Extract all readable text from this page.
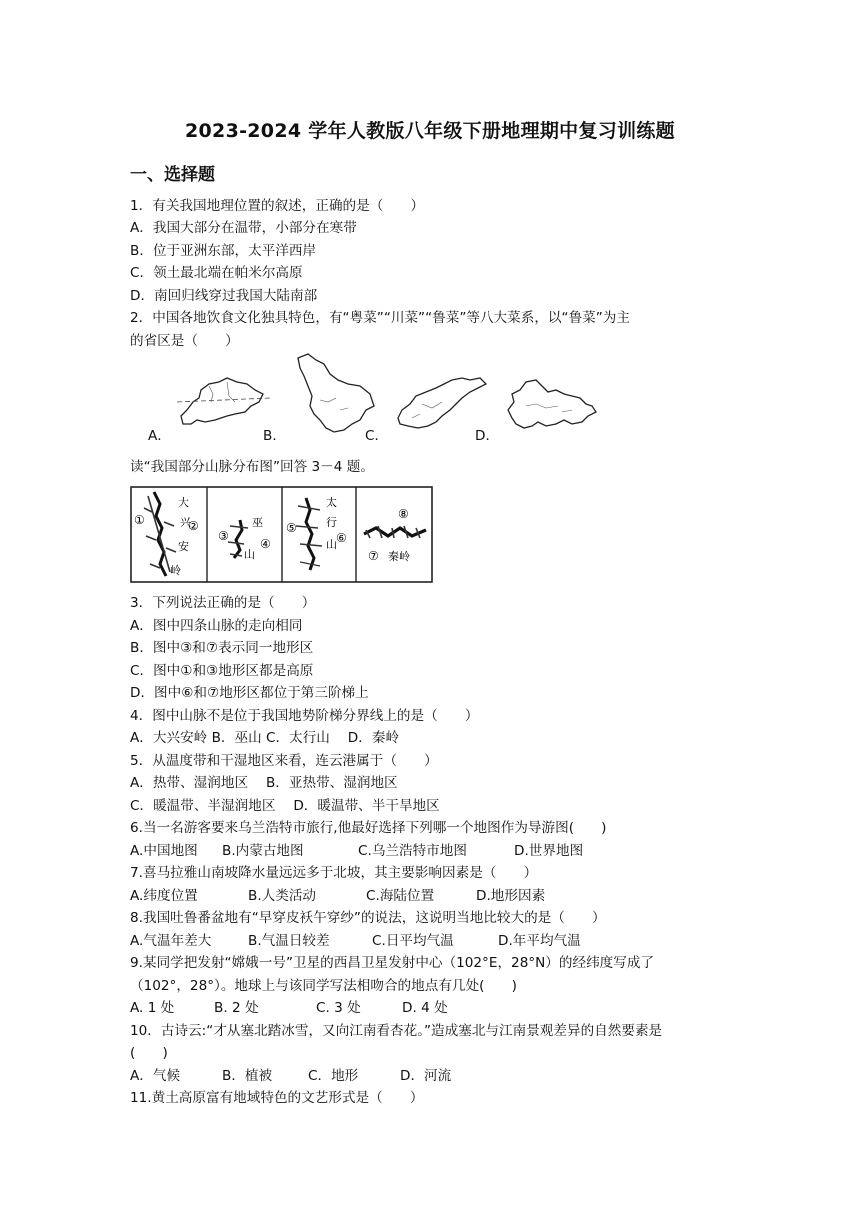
2023-2024 学年人教版八年级下册地理期中复习训练题
一、选择题
1．有关我国地理位置的叙述，正确的是（　　）
A．我国大部分在温带，小部分在寒带
B．位于亚洲东部，太平洋西岸
C．领土最北端在帕米尔高原
D．南回归线穿过我国大陆南部
2．中国各地饮食文化独具特色，有“粤菜”“川菜”“鲁菜”等八大菜系，以“鲁菜”为主
的省区是（　　）
A．	B．	C．	D．
读“我国部分山脉分布图”回答 3－4 题。
①	②
大
兴
安
岭
③
④
巫
山
⑤
⑥
太
行
山
⑧
⑦ 秦岭
3．下列说法正确的是（　　）
A．图中四条山脉的走向相同
B．图中③和⑦表示同一地形区
C．图中①和③地形区都是高原
D．图中⑥和⑦地形区都位于第三阶梯上
4．图中山脉不是位于我国地势阶梯分界线上的是（　　）
A．大兴安岭 B．巫山 C．太行山　 D．秦岭
5．从温度带和干湿地区来看，连云港属于（　　）
A．热带、湿润地区　 B．亚热带、湿润地区
C．暖温带、半湿润地区　 D．暖温带、半干旱地区
6.当一名游客要来乌兰浩特市旅行,他最好选择下列哪一个地图作为导游图(　　)
A.中国地图 B.内蒙古地图	C.乌兰浩特市地图	D.世界地图
7.喜马拉雅山南坡降水量远远多于北坡，其主要影响因素是（　　）
A.纬度位置	B.人类活动	C.海陆位置	D.地形因素
8.我国吐鲁番盆地有“早穿皮袄午穿纱”的说法，这说明当地比较大的是（　　）
A.气温年差大	B.气温日较差	C.日平均气温	D.年平均气温
9.某同学把发射“嫦娥一号”卫星的西昌卫星发射中心（102°E，28°N）的经纬度写成了
（102°，28°）。地球上与该同学写法相吻合的地点有几处(　　)
A. 1 处	B. 2 处	C. 3 处	D. 4 处
10．古诗云:“才从塞北踏冰雪，又向江南看杏花。”造成塞北与江南景观差异的自然要素是
(　　)
A．气候	B．植被	C．地形	D．河流
11.黄土高原富有地域特色的文艺形式是（　　）
